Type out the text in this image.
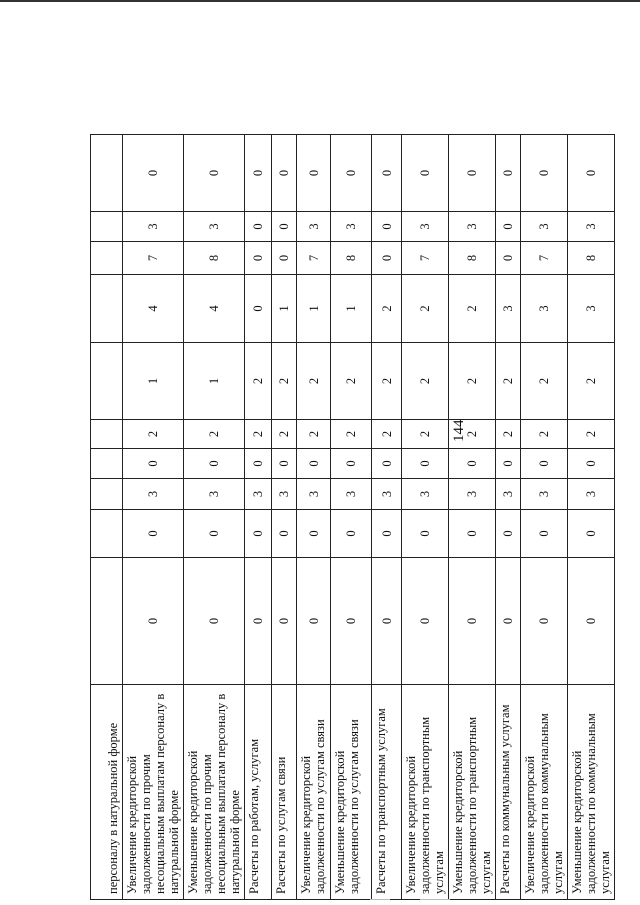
144
персоналу в натуральной форме										
Увеличение кредиторской задолженности по прочим несоциальным выплатам персоналу в натуральной форме	0	0	3	0	2	1	4	7	3	0
Уменьшение кредиторской задолженности по прочим несоциальным выплатам персоналу в натуральной форме	0	0	3	0	2	1	4	8	3	0
Расчеты по работам, услугам	0	0	3	0	2	2	0	0	0	0
Расчеты по услугам связи	0	0	3	0	2	2	1	0	0	0
Увеличение кредиторской задолженности по услугам связи	0	0	3	0	2	2	1	7	3	0
Уменьшение кредиторской задолженности по услугам связи	0	0	3	0	2	2	1	8	3	0
Расчеты по транспортным услугам	0	0	3	0	2	2	2	0	0	0
Увеличение кредиторской задолженности по транспортным услугам	0	0	3	0	2	2	2	7	3	0
Уменьшение кредиторской задолженности по транспортным услугам	0	0	3	0	2	2	2	8	3	0
Расчеты по коммунальным услугам	0	0	3	0	2	2	3	0	0	0
Увеличение кредиторской задолженности по коммунальным услугам	0	0	3	0	2	2	3	7	3	0
Уменьшение кредиторской задолженности по коммунальным услугам	0	0	3	0	2	2	3	8	3	0
